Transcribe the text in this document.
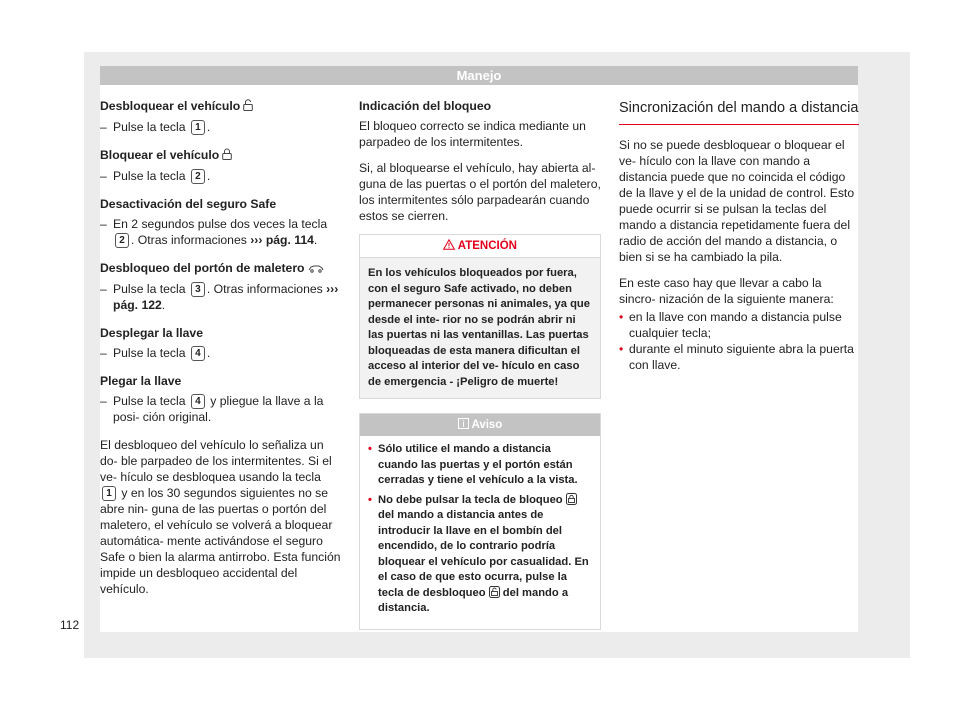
Manejo
Desbloquear el vehículo
– Pulse la tecla 1 .
Bloquear el vehículo
– Pulse la tecla 2 .
Desactivación del seguro Safe
– En 2 segundos pulse dos veces la tecla 2 . Otras informaciones ››› pág. 114.
Desbloqueo del portón de maletero
– Pulse la tecla 3 . Otras informaciones ››› pág. 122.
Desplegar la llave
– Pulse la tecla 4 .
Plegar la llave
– Pulse la tecla 4 y pliegue la llave a la posi- ción original.

El desbloqueo del vehículo lo señaliza un do- ble parpadeo de los intermitentes. Si el ve- hículo se desbloquea usando la tecla 1 y en los 30 segundos siguientes no se abre nin- guna de las puertas o portón del maletero, el vehículo se volverá a bloquear automática- mente activándose el seguro Safe o bien la alarma antirrobo. Esta función impide un desbloqueo accidental del vehículo.

Indicación del bloqueo

El bloqueo correcto se indica mediante un parpadeo de los intermitentes.

Si, al bloquearse el vehículo, hay abierta al- guna de las puertas o el portón del maletero, los intermitentes sólo parpadearán cuando estos se cierren.

ATENCIÓN
En los vehículos bloqueados por fuera, con el seguro Safe activado, no deben permanecer personas ni animales, ya que desde el inte- rior no se podrán abrir ni las puertas ni las ventanillas. Las puertas bloqueadas de esta manera dificultan el acceso al interior del ve- hículo en caso de emergencia - ¡Peligro de muerte!
Aviso
• Sólo utilice el mando a distancia cuando las puertas y el portón están cerradas y tiene el vehículo a la vista.
• No debe pulsar la tecla de bloqueo  del mando a distancia antes de introducir la llave en el bombín del encendido, de lo contrario podría bloquear el vehículo por casualidad. En el caso de que esto ocurra, pulse la tecla de desbloqueo del mando a distancia.
Sincronización del mando a distancia

Si no se puede desbloquear o bloquear el ve- hículo con la llave con mando a distancia puede que no coincida el código de la llave y el de la unidad de control. Esto puede ocurrir si se pulsan la teclas del mando a distancia repetidamente fuera del radio de acción del mando a distancia, o bien si se ha cambiado la pila.

En este caso hay que llevar a cabo la sincro- nización de la siguiente manera:

• en la llave con mando a distancia pulse cualquier tecla;
• durante el minuto siguiente abra la puerta con llave.
112
